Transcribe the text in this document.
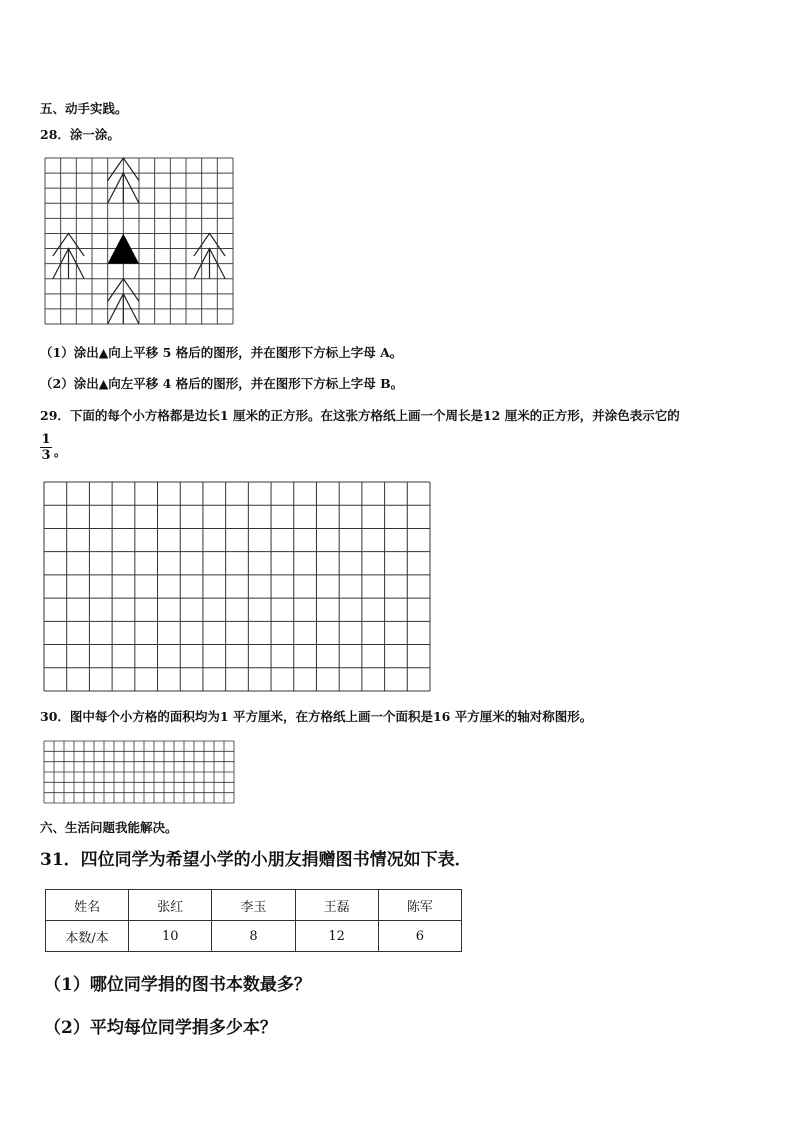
五、动手实践。
28．涂一涂。
（1）涂出▲向上平移 5 格后的图形，并在图形下方标上字母 A。
（2）涂出▲向左平移 4 格后的图形，并在图形下方标上字母 B。
29．下面的每个小方格都是边长1 厘米的正方形。在这张方格纸上画一个周长是12 厘米的正方形，并涂色表示它的
$\frac{1}{3}$ 。
30．图中每个小方格的面积均为1 平方厘米，在方格纸上画一个面积是16 平方厘米的轴对称图形。
六、生活问题我能解决。
31．四位同学为希望小学的小朋友捐赠图书情况如下表．
姓名	张红	李玉	王磊	陈军
本数/本	10	8	12	6
（1）哪位同学捐的图书本数最多？
（2）平均每位同学捐多少本？
